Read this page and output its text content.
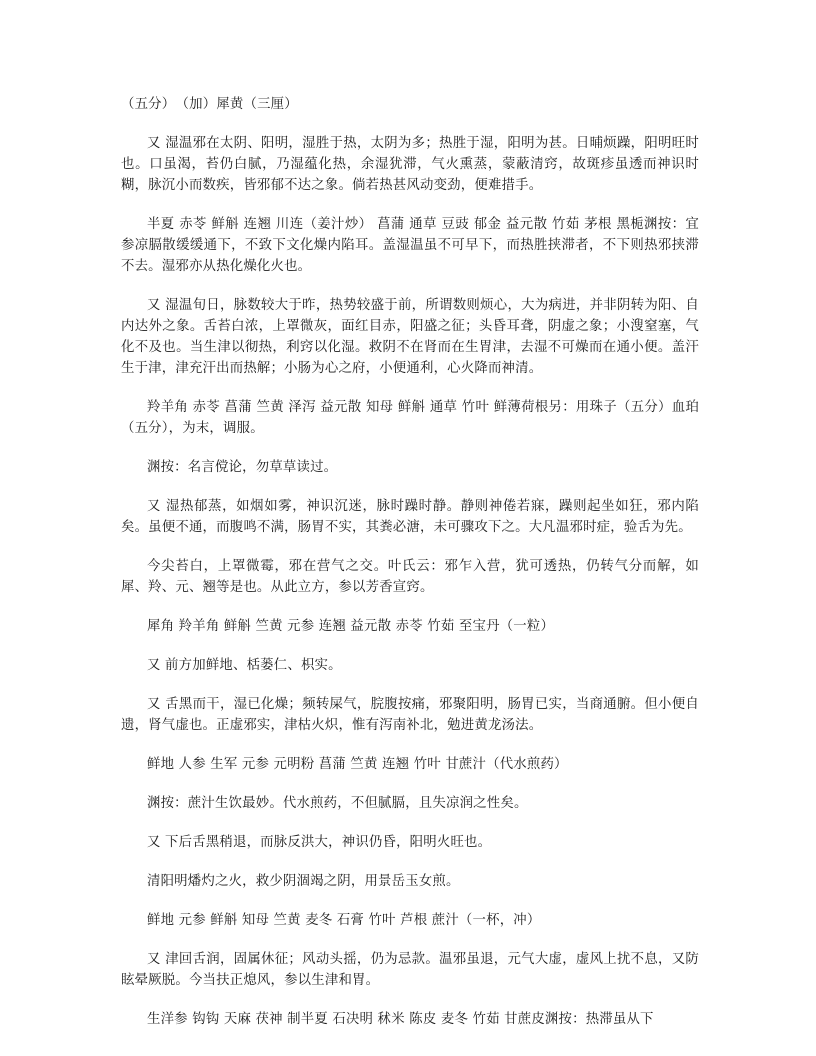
（五分）　（加）犀黄（三厘）

又 湿温邪在太阴、阳明，湿胜于热，太阴为多；热胜于湿，阳明为甚。日晡烦躁，阳明旺时也。口虽渴，苔仍白腻，乃湿蕴化热，余湿犹滞，气火熏蒸，蒙蔽清窍，故斑疹虽透而神识时糊，脉沉小而数疾，皆邪郁不达之象。倘若热甚风动变劲，便难措手。

半夏 赤苓 鲜斛 连翘 川连（姜汁炒） 菖蒲 通草 豆豉 郁金 益元散 竹茹 茅根 黑栀渊按：宜参凉膈散缓缓通下，不致下文化燥内陷耳。盖湿温虽不可早下，而热胜挟滞者，不下则热邪挟滞不去。湿邪亦从热化燥化火也。

又 湿温旬日，脉数较大于昨，热势较盛于前，所谓数则烦心，大为病进，并非阴转为阳、自内达外之象。舌苔白浓，上罩微灰，面红目赤，阳盛之征；头昏耳聋，阴虚之象；小溲窒塞，气化不及也。当生津以彻热，利窍以化湿。救阴不在肾而在生胃津，去湿不可燥而在通小便。盖汗生于津，津充汗出而热解；小肠为心之府，小便通利，心火降而神清。

羚羊角 赤苓 菖蒲 竺黄 泽泻 益元散 知母 鲜斛 通草 竹叶 鲜薄荷根另：用珠子（五分）血珀（五分），为末，调服。

渊按：名言傥论，勿草草读过。

又 湿热郁蒸，如烟如雾，神识沉迷，脉时躁时静。静则神倦若寐，躁则起坐如狂，邪内陷矣。虽便不通，而腹鸣不满，肠胃不实，其粪必溏，未可骤攻下之。大凡温邪时症，验舌为先。

今尖苔白，上罩微霉，邪在营气之交。叶氏云：邪乍入营，犹可透热，仍转气分而解，如犀、羚、元、翘等是也。从此立方，参以芳香宣窍。

犀角 羚羊角 鲜斛 竺黄 元参 连翘 益元散 赤苓 竹茹 至宝丹（一粒）

又 前方加鲜地、栝蒌仁、枳实。

又 舌黑而干，湿已化燥；频转屎气，脘腹按痛，邪聚阳明，肠胃已实，当商通腑。但小便自遗，肾气虚也。正虚邪实，津枯火炽，惟有泻南补北，勉进黄龙汤法。

鲜地 人参 生军 元参 元明粉 菖蒲 竺黄 连翘 竹叶 甘蔗汁（代水煎药）

渊按：蔗汁生饮最妙。代水煎药，不但腻膈，且失凉润之性矣。

又 下后舌黑稍退，而脉反洪大，神识仍昏，阳明火旺也。

清阳明燔灼之火，救少阴涸竭之阴，用景岳玉女煎。

鲜地 元参 鲜斛 知母 竺黄 麦冬 石膏 竹叶 芦根 蔗汁（一杯，冲）

又 津回舌润，固属休征；风动头摇，仍为忌款。温邪虽退，元气大虚，虚风上扰不息，又防眩晕厥脱。今当扶正熄风，参以生津和胃。

生洋参 钩钩 天麻 茯神 制半夏 石决明 秫米 陈皮 麦冬 竹茹 甘蔗皮渊按：热滞虽从下
